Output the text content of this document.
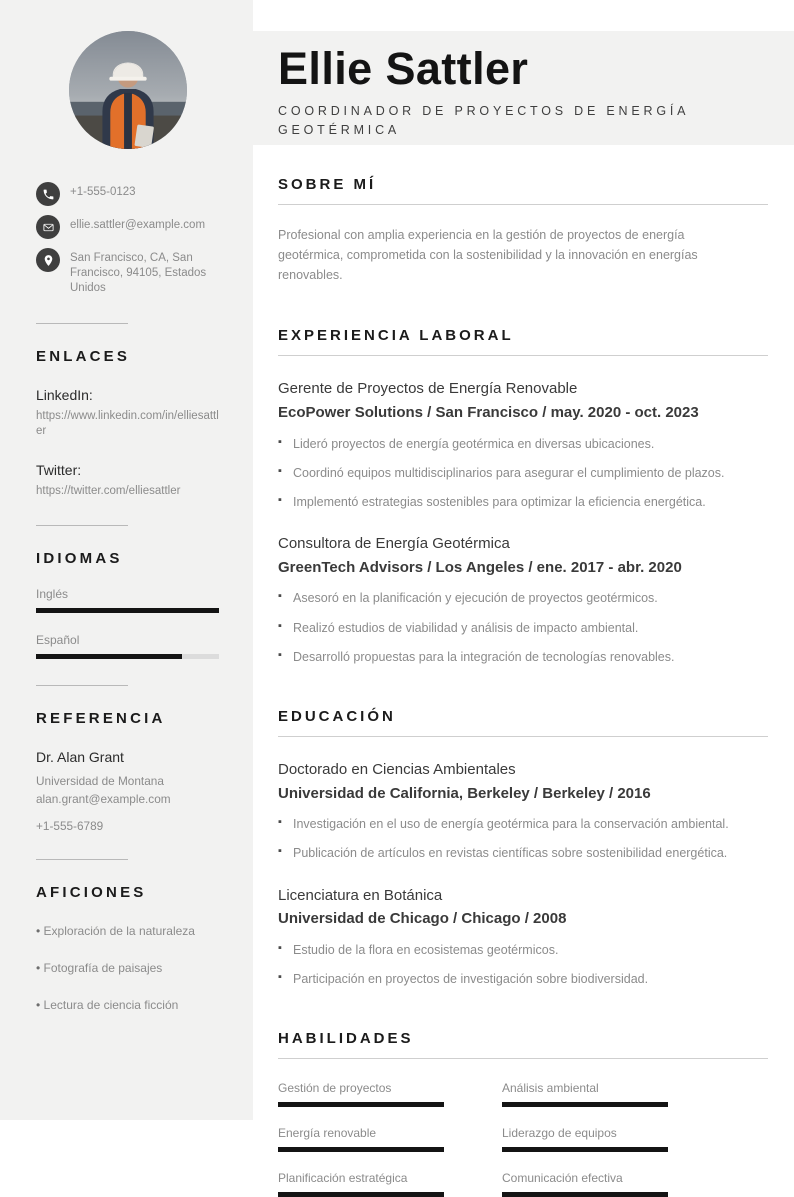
+1-555-0123
ellie.sattler@example.com
San Francisco, CA, San Francisco, 94105, Estados Unidos
ENLACES
LinkedIn:
https://www.linkedin.com/in/elliesattler
Twitter:
https://twitter.com/elliesattler
IDIOMAS
Inglés
Español
REFERENCIA
Dr. Alan Grant
Universidad de Montana
alan.grant@example.com
+1-555-6789
AFICIONES
• Exploración de la naturaleza
• Fotografía de paisajes
• Lectura de ciencia ficción
Ellie Sattler
COORDINADOR DE PROYECTOS DE ENERGÍA GEOTÉRMICA
SOBRE MÍ

Profesional con amplia experiencia en la gestión de proyectos de energía geotérmica, comprometida con la sostenibilidad y la innovación en energías renovables.

EXPERIENCIA LABORAL
Gerente de Proyectos de Energía Renovable
EcoPower Solutions / San Francisco / may. 2020 - oct. 2023
▪ Lideró proyectos de energía geotérmica en diversas ubicaciones.
▪ Coordinó equipos multidisciplinarios para asegurar el cumplimiento de plazos.
▪ Implementó estrategias sostenibles para optimizar la eficiencia energética.
Consultora de Energía Geotérmica
GreenTech Advisors / Los Angeles / ene. 2017 - abr. 2020
▪ Asesoró en la planificación y ejecución de proyectos geotérmicos.
▪ Realizó estudios de viabilidad y análisis de impacto ambiental.
▪ Desarrolló propuestas para la integración de tecnologías renovables.
EDUCACIÓN
Doctorado en Ciencias Ambientales
Universidad de California, Berkeley / Berkeley / 2016
▪ Investigación en el uso de energía geotérmica para la conservación ambiental.
▪ Publicación de artículos en revistas científicas sobre sostenibilidad energética.
Licenciatura en Botánica
Universidad de Chicago / Chicago / 2008
▪ Estudio de la flora en ecosistemas geotérmicos.
▪ Participación en proyectos de investigación sobre biodiversidad.
HABILIDADES
Gestión de proyectos	Análisis ambiental
Energía renovable	Liderazgo de equipos
Planificación estratégica	Comunicación efectiva
